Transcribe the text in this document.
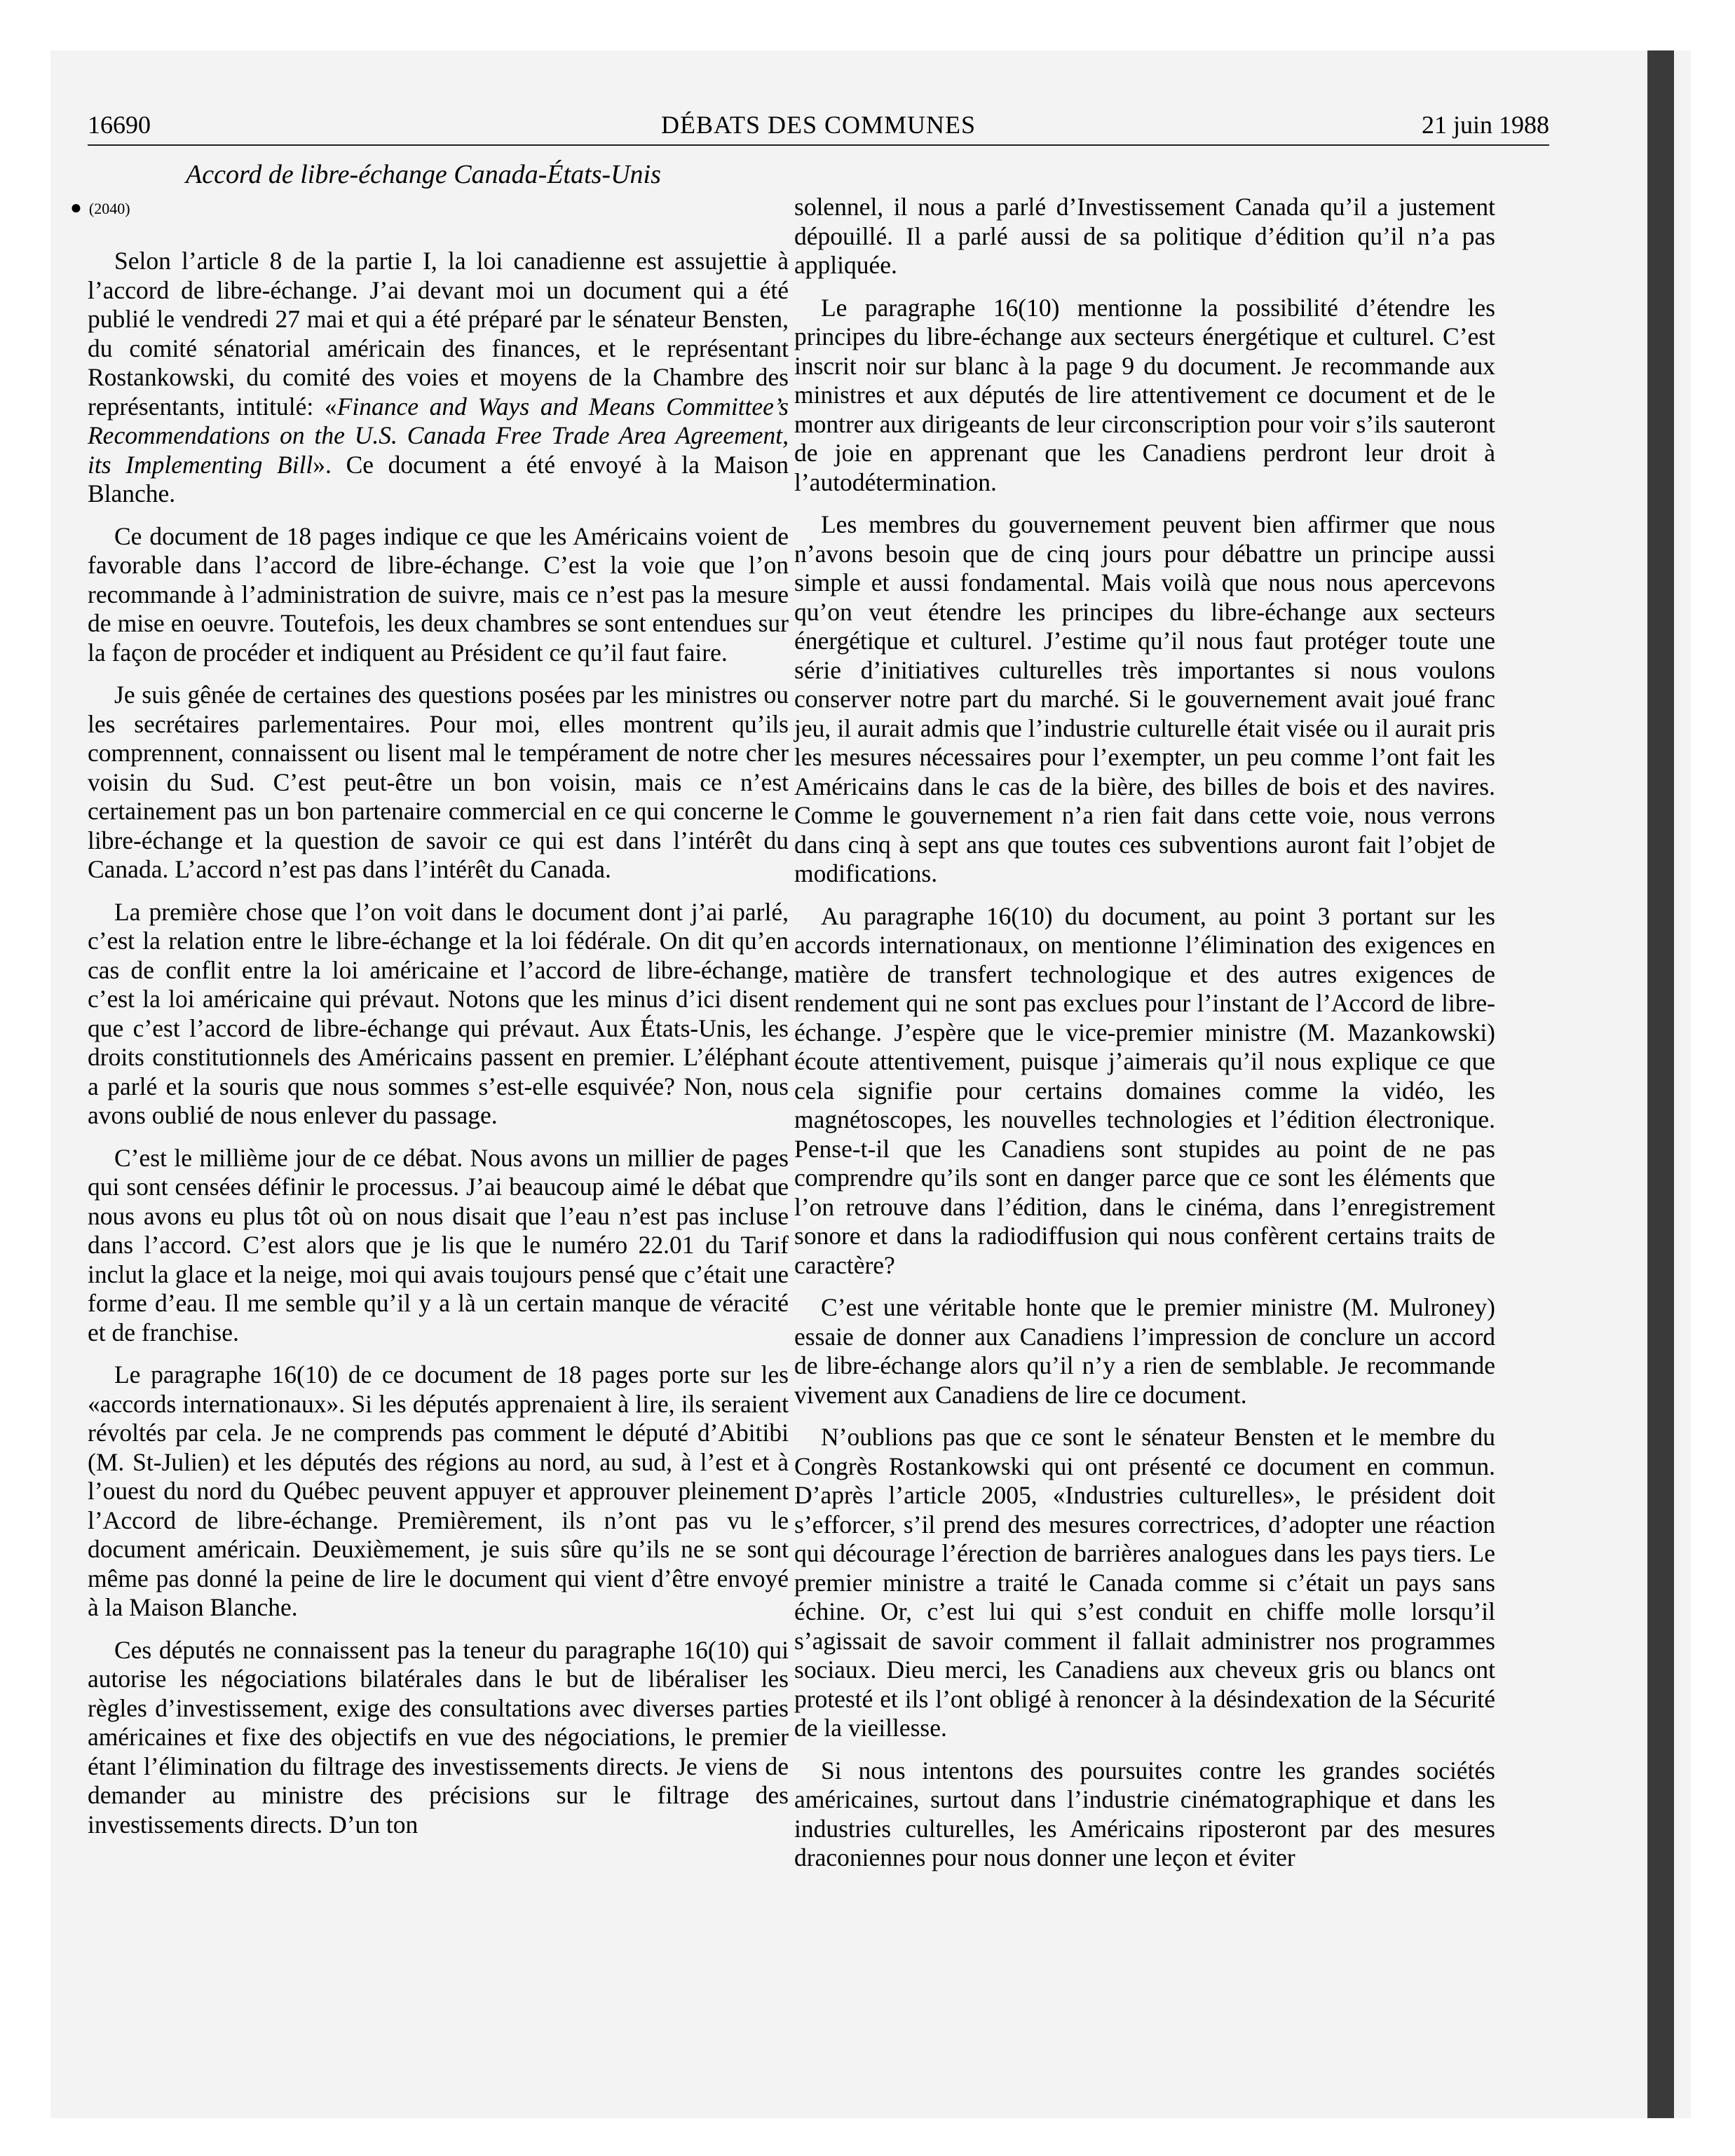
16690	DÉBATS DES COMMUNES	21 juin 1988
Accord de libre-échange Canada-États-Unis
● (2040)

Selon l’article 8 de la partie I, la loi canadienne est assujettie à l’accord de libre-échange. J’ai devant moi un document qui a été publié le vendredi 27 mai et qui a été préparé par le sénateur Bensten, du comité sénatorial américain des finances, et le représentant Rostankowski, du comité des voies et moyens de la Chambre des représentants, intitulé: «Finance and Ways and Means Committee’s Recommendations on the U.S. Canada Free Trade Area Agreement, its Implementing Bill». Ce document a été envoyé à la Maison Blanche.

Ce document de 18 pages indique ce que les Américains voient de favorable dans l’accord de libre-échange. C’est la voie que l’on recommande à l’administration de suivre, mais ce n’est pas la mesure de mise en oeuvre. Toutefois, les deux chambres se sont entendues sur la façon de procéder et indiquent au Président ce qu’il faut faire.

Je suis gênée de certaines des questions posées par les ministres ou les secrétaires parlementaires. Pour moi, elles montrent qu’ils comprennent, connaissent ou lisent mal le tempérament de notre cher voisin du Sud. C’est peut-être un bon voisin, mais ce n’est certainement pas un bon partenaire commercial en ce qui concerne le libre-échange et la question de savoir ce qui est dans l’intérêt du Canada. L’accord n’est pas dans l’intérêt du Canada.

La première chose que l’on voit dans le document dont j’ai parlé, c’est la relation entre le libre-échange et la loi fédérale. On dit qu’en cas de conflit entre la loi américaine et l’accord de libre-échange, c’est la loi américaine qui prévaut. Notons que les minus d’ici disent que c’est l’accord de libre-échange qui prévaut. Aux États-Unis, les droits constitutionnels des Américains passent en premier. L’éléphant a parlé et la souris que nous sommes s’est-elle esquivée? Non, nous avons oublié de nous enlever du passage.

C’est le millième jour de ce débat. Nous avons un millier de pages qui sont censées définir le processus. J’ai beaucoup aimé le débat que nous avons eu plus tôt où on nous disait que l’eau n’est pas incluse dans l’accord. C’est alors que je lis que le numéro 22.01 du Tarif inclut la glace et la neige, moi qui avais toujours pensé que c’était une forme d’eau. Il me semble qu’il y a là un certain manque de véracité et de franchise.

Le paragraphe 16(10) de ce document de 18 pages porte sur les «accords internationaux». Si les députés apprenaient à lire, ils seraient révoltés par cela. Je ne comprends pas comment le député d’Abitibi (M. St-Julien) et les députés des régions au nord, au sud, à l’est et à l’ouest du nord du Québec peuvent appuyer et approuver pleinement l’Accord de libre-échange. Premièrement, ils n’ont pas vu le document américain. Deuxièmement, je suis sûre qu’ils ne se sont même pas donné la peine de lire le document qui vient d’être envoyé à la Maison Blanche.

Ces députés ne connaissent pas la teneur du paragraphe 16(10) qui autorise les négociations bilatérales dans le but de libéraliser les règles d’investissement, exige des consultations avec diverses parties américaines et fixe des objectifs en vue des négociations, le premier étant l’élimination du filtrage des investissements directs. Je viens de demander au ministre des précisions sur le filtrage des investissements directs. D’un ton

solennel, il nous a parlé d’Investissement Canada qu’il a justement dépouillé. Il a parlé aussi de sa politique d’édition qu’il n’a pas appliquée.

Le paragraphe 16(10) mentionne la possibilité d’étendre les principes du libre-échange aux secteurs énergétique et culturel. C’est inscrit noir sur blanc à la page 9 du document. Je recommande aux ministres et aux députés de lire attentivement ce document et de le montrer aux dirigeants de leur circonscription pour voir s’ils sauteront de joie en apprenant que les Canadiens perdront leur droit à l’autodétermination.

Les membres du gouvernement peuvent bien affirmer que nous n’avons besoin que de cinq jours pour débattre un principe aussi simple et aussi fondamental. Mais voilà que nous nous apercevons qu’on veut étendre les principes du libre-échange aux secteurs énergétique et culturel. J’estime qu’il nous faut protéger toute une série d’initiatives culturelles très importantes si nous voulons conserver notre part du marché. Si le gouvernement avait joué franc jeu, il aurait admis que l’industrie culturelle était visée ou il aurait pris les mesures nécessaires pour l’exempter, un peu comme l’ont fait les Américains dans le cas de la bière, des billes de bois et des navires. Comme le gouvernement n’a rien fait dans cette voie, nous verrons dans cinq à sept ans que toutes ces subventions auront fait l’objet de modifications.

Au paragraphe 16(10) du document, au point 3 portant sur les accords internationaux, on mentionne l’élimination des exigences en matière de transfert technologique et des autres exigences de rendement qui ne sont pas exclues pour l’instant de l’Accord de libre-échange. J’espère que le vice-premier ministre (M. Mazankowski) écoute attentivement, puisque j’aimerais qu’il nous explique ce que cela signifie pour certains domaines comme la vidéo, les magnétoscopes, les nouvelles technologies et l’édition électronique. Pense-t-il que les Canadiens sont stupides au point de ne pas comprendre qu’ils sont en danger parce que ce sont les éléments que l’on retrouve dans l’édition, dans le cinéma, dans l’enregistrement sonore et dans la radiodiffusion qui nous confèrent certains traits de caractère?

C’est une véritable honte que le premier ministre (M. Mulroney) essaie de donner aux Canadiens l’impression de conclure un accord de libre-échange alors qu’il n’y a rien de semblable. Je recommande vivement aux Canadiens de lire ce document.

N’oublions pas que ce sont le sénateur Bensten et le membre du Congrès Rostankowski qui ont présenté ce document en commun. D’après l’article 2005, «Industries culturelles», le président doit s’efforcer, s’il prend des mesures correctrices, d’adopter une réaction qui décourage l’érection de barrières analogues dans les pays tiers. Le premier ministre a traité le Canada comme si c’était un pays sans échine. Or, c’est lui qui s’est conduit en chiffe molle lorsqu’il s’agissait de savoir comment il fallait administrer nos programmes sociaux. Dieu merci, les Canadiens aux cheveux gris ou blancs ont protesté et ils l’ont obligé à renoncer à la désindexation de la Sécurité de la vieillesse.

Si nous intentons des poursuites contre les grandes sociétés américaines, surtout dans l’industrie cinématographique et dans les industries culturelles, les Américains riposteront par des mesures draconiennes pour nous donner une leçon et éviter
